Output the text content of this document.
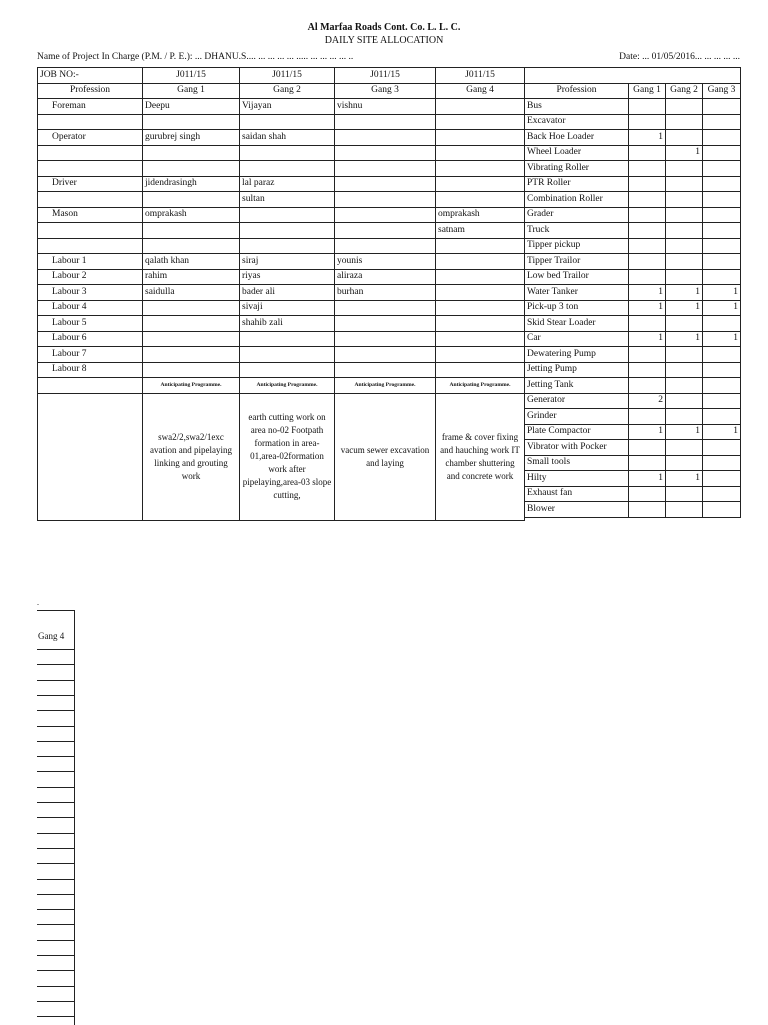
Al Marfaa Roads Cont. Co. L. L. C.
DAILY SITE ALLOCATION
Name of Project In Charge (P.M. / P. E.): ... DHANU.S.... ... ... ... ... ..... ... ... ... ... ..	Date: ... 01/05/2016... ... ... ... ...
JOB NO:-	J011/15	J011/15	J011/15	J011/15
Profession	Gang 1	Gang 2	Gang 3	Gang 4
Foreman	Deepu	Vijayan	vishnu	

Operator	gurubrej singh	saidan shah		

Driver	jidendrasingh	lal paraz		
		sultan		
Mason	omprakash			omprakash
				satnam

Labour 1	qalath khan	siraj	younis	
Labour 2	rahim	riyas	aliraza	
Labour 3	saidulla	bader ali	burhan	
Labour 4		sivaji		
Labour 5		shahib zali		
Labour 6				
Labour 7				
Labour 8				
	Anticipating Programme.	Anticipating Programme.	Anticipating Programme.	Anticipating Programme.
	swa2/2,swa2/1exc avation and pipelaying linking and grouting work	earth cutting work on area no-02 Footpath formation in area-01,area-02formation work after pipelaying,area-03 slope cutting,	vacum sewer excavation and laying	frame & cover fixing and hauching work IT chamber shuttering and concrete work

Profession	Gang 1	Gang 2	Gang 3
Bus			
Excavator			
Back Hoe Loader	1		
Wheel Loader		1	
Vibrating Roller			
PTR Roller			
Combination Roller			
Grader			
Truck			
Tipper pickup			
Tipper Trailor			
Low bed Trailor			
Water Tanker	1	1	1
Pick-up 3 ton	1	1	1
Skid Stear Loader			
Car	1	1	1
Dewatering Pump			
Jetting Pump			
Jetting Tank			
Generator	2		
Grinder			
Plate Compactor	1	1	1
Vibrator with Pocker			
Small tools			
Hilty	1	1	
Exhaust fan			
Blower			
.
Gang 4
